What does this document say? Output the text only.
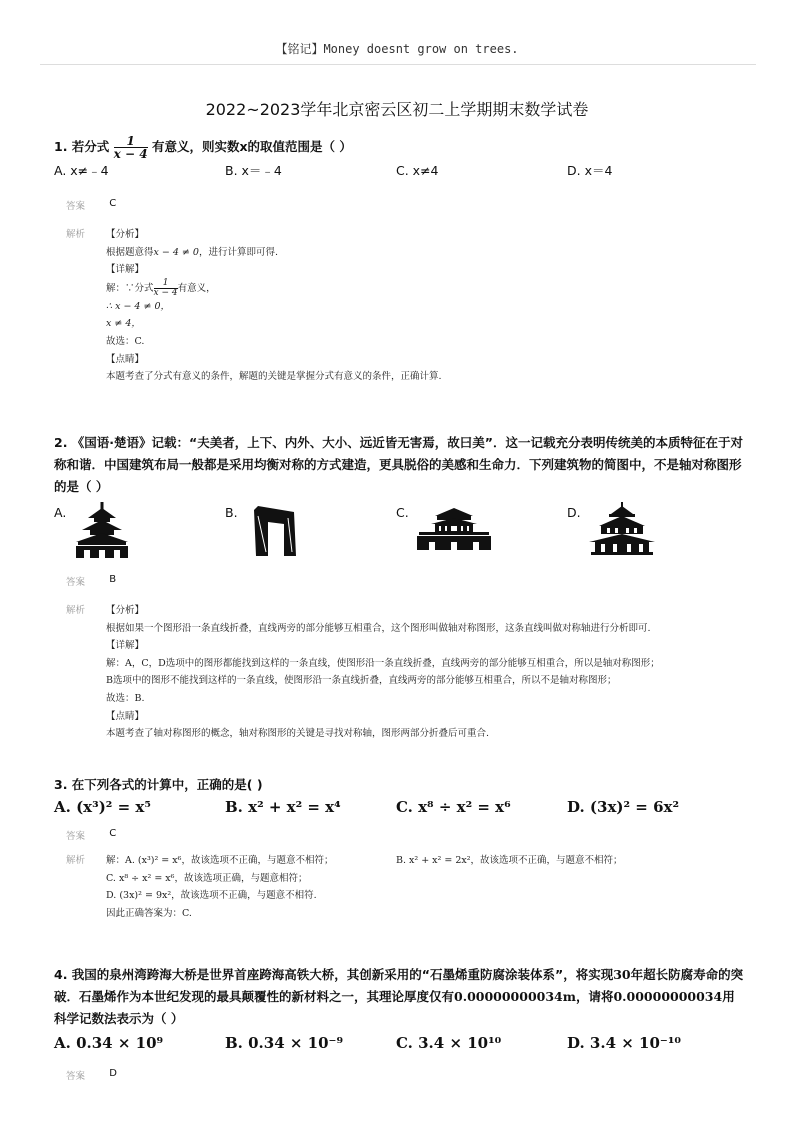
【铭记】Money doesnt grow on trees.
2022~2023学年北京密云区初二上学期期末数学试卷
1. 若分式 $\frac{1}{x - 4}$ 有意义，则实数x的取值范围是（ ）
A. x≠﹣4	B. x＝﹣4	C. x≠4	D. x＝4
答案 C
解析	【分析】
根据题意得x − 4 ≠ 0，进行计算即可得.
【详解】
解：∵分式 $\frac{1}{x - 4}$ 有意义，
∴ x − 4 ≠ 0，
x ≠ 4，
故选：C.
【点睛】
本题考查了分式有意义的条件，解题的关键是掌握分式有意义的条件，正确计算.
2. 《国语·楚语》记载：“夫美者，上下、内外、大小、远近皆无害焉，故曰美”．这一记载充分表明传统美的本质特征在于对称和谐．中国建筑布局一般都是采用均衡对称的方式建造，更具脱俗的美感和生命力．下列建筑物的简图中，不是轴对称图形的是（ ）
A.	B.	C.	D.
答案 B
解析	【分析】
根据如果一个图形沿一条直线折叠，直线两旁的部分能够互相重合，这个图形叫做轴对称图形，这条直线叫做对称轴进行分析即可.
【详解】
解：A，C，D选项中的图形都能找到这样的一条直线，使图形沿一条直线折叠，直线两旁的部分能够互相重合，所以是轴对称图形；
B选项中的图形不能找到这样的一条直线，使图形沿一条直线折叠，直线两旁的部分能够互相重合，所以不是轴对称图形；
故选：B.
【点睛】
本题考查了轴对称图形的概念，轴对称图形的关键是寻找对称轴，图形两部分折叠后可重合.
3. 在下列各式的计算中，正确的是( )
A. (x³)² = x⁵	B. x² + x² = x⁴	C. x⁸ ÷ x² = x⁶	D. (3x)² = 6x²
答案 C
解析	解：A. (x³)² = x⁶，故该选项不正确，与题意不相符；	B. x² + x² = 2x²，故该选项不正确，与题意不相符；
C. x⁸ ÷ x² = x⁶，故该选项正确，与题意相符；
D. (3x)² = 9x²，故该选项不正确，与题意不相符.
因此正确答案为：C.
4. 我国的泉州湾跨海大桥是世界首座跨海高铁大桥，其创新采用的“石墨烯重防腐涂装体系”，将实现30年超长防腐寿命的突破．石墨烯作为本世纪发现的最具颠覆性的新材料之一，其理论厚度仅有0.00000000034m，请将0.00000000034用科学记数法表示为（ ）
A. 0.34 × 10⁹	B. 0.34 × 10⁻⁹	C. 3.4 × 10¹⁰	D. 3.4 × 10⁻¹⁰
答案 D
